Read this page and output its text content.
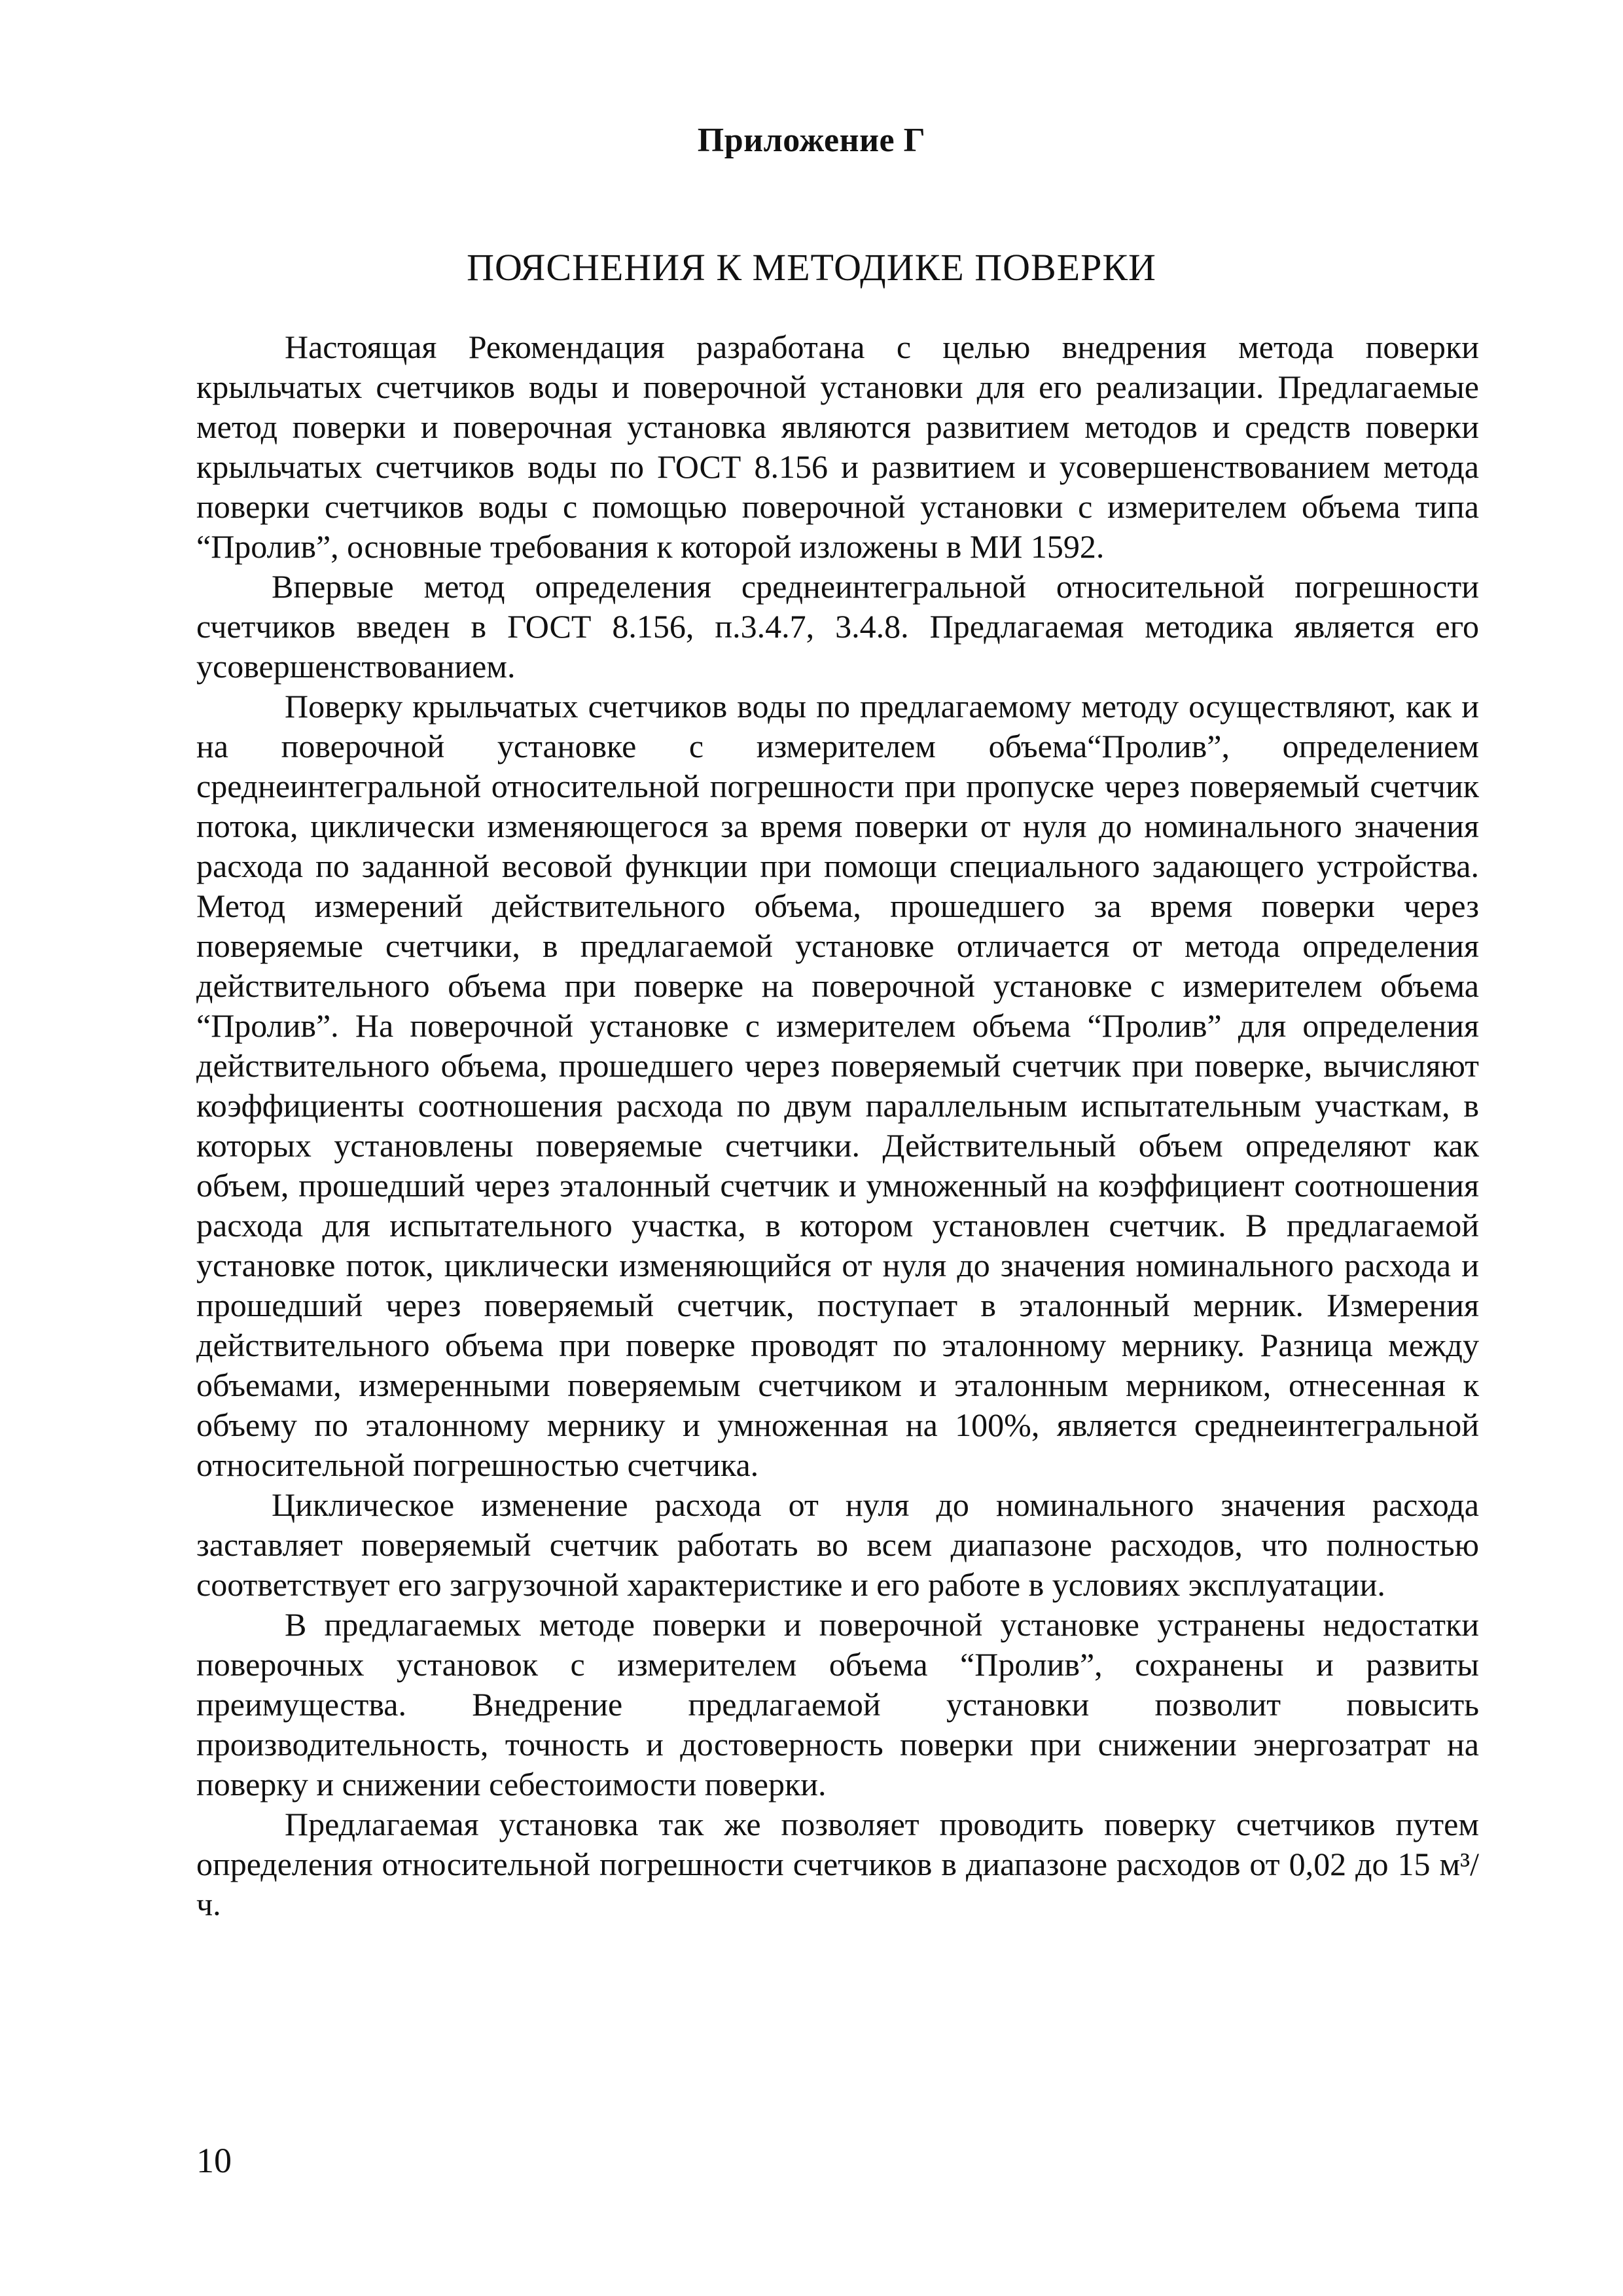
Приложение Г
ПОЯСНЕНИЯ К МЕТОДИКЕ ПОВЕРКИ

Настоящая Рекомендация разработана с целью внедрения метода поверки крыльчатых счетчиков воды и поверочной установки для его реализации. Предлагаемые метод поверки и поверочная установка являются развитием методов и средств поверки крыльчатых счетчиков воды по ГОСТ 8.156 и развитием и усовершенствованием метода поверки счетчиков воды с помощью поверочной установки с измерителем объема типа “Пролив”, основные требования к которой изложены в МИ 1592.

Впервые метод определения среднеинтегральной относительной погрешности счетчиков введен в ГОСТ 8.156, п.3.4.7, 3.4.8. Предлагаемая методика является его усовершенствованием.

Поверку крыльчатых счетчиков воды по предлагаемому методу осуществляют, как и на поверочной установке с измерителем объема“Пролив”, определением среднеинтегральной относительной погрешности при пропуске через поверяемый счетчик потока, циклически изменяющегося за время поверки от нуля до номинального значения расхода по заданной весовой функции при помощи специального задающего устройства. Метод измерений действительного объема, прошедшего за время поверки через поверяемые счетчики, в предлагаемой установке отличается от метода определения действительного объема при поверке на поверочной установке с измерителем объема “Пролив”. На поверочной установке с измерителем объема “Пролив” для определения действительного объема, прошедшего через поверяемый счетчик при поверке, вычисляют коэффициенты соотношения расхода по двум параллельным испытательным участкам, в которых установлены поверяемые счетчики. Действительный объем определяют как объем, прошедший через эталонный счетчик и умноженный на коэффициент соотношения расхода для испытательного участка, в котором установлен счетчик. В предлагаемой установке поток, циклически изменяющийся от нуля до значения номинального расхода и прошедший через поверяемый счетчик, поступает в эталонный мерник. Измерения действительного объема при поверке проводят по эталонному мернику. Разница между объемами, измеренными поверяемым счетчиком и эталонным мерником, отнесенная к объему по эталонному мернику и умноженная на 100%, является среднеинтегральной относительной погрешностью счетчика.

Циклическое изменение расхода от нуля до номинального значения расхода заставляет поверяемый счетчик работать во всем диапазоне расходов, что полностью соответствует его загрузочной характеристике и его работе в условиях эксплуатации.

В предлагаемых методе поверки и поверочной установке устранены недостатки поверочных установок с измерителем объема “Пролив”, сохранены и развиты преимущества. Внедрение предлагаемой установки позволит повысить производительность, точность и достоверность поверки при снижении энергозатрат на поверку и снижении себестоимости поверки.

Предлагаемая установка так же позволяет проводить поверку счетчиков путем определения относительной погрешности счетчиков в диапазоне расходов от 0,02 до 15 м³/ч.

10
